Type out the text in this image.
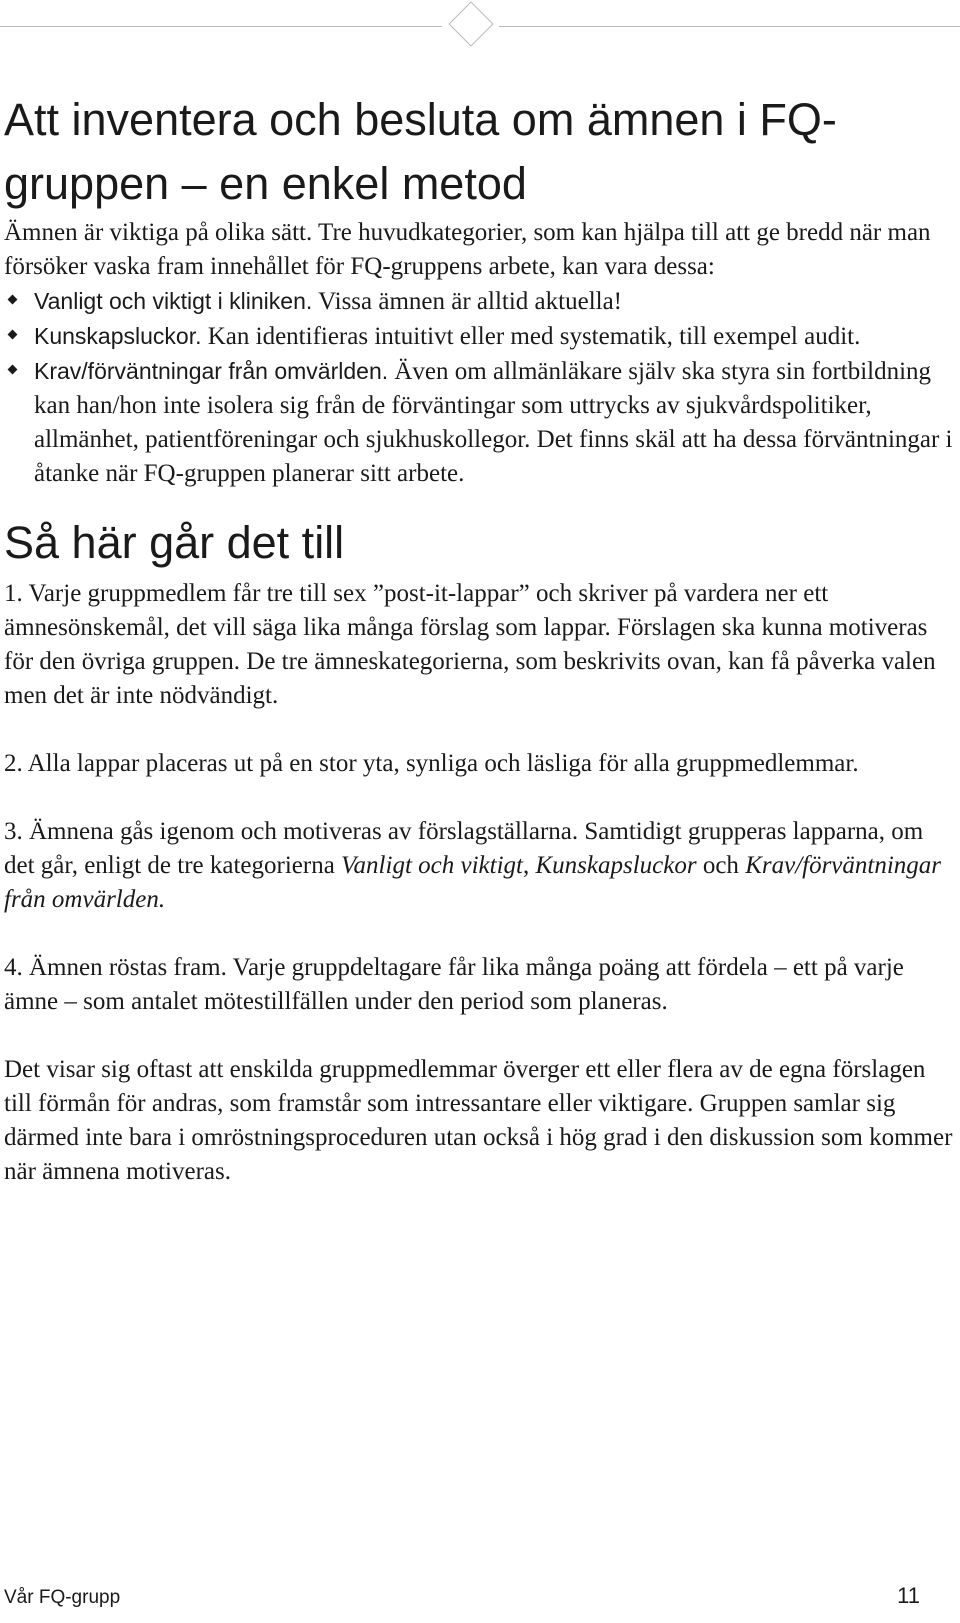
Att inventera och besluta om ämnen i FQ-gruppen – en enkel metod

Ämnen är viktiga på olika sätt. Tre huvudkategorier, som kan hjälpa till att ge bredd när man försöker vaska fram innehållet för FQ-gruppens arbete, kan vara dessa:

Vanligt och viktigt i kliniken. Vissa ämnen är alltid aktuella!
Kunskapsluckor. Kan identifieras intuitivt eller med systematik, till exempel audit.
Krav/förväntningar från omvärlden. Även om allmänläkare själv ska styra sin fortbildning kan han/hon inte isolera sig från de förväntingar som uttrycks av sjukvårdspolitiker, allmänhet, patientföreningar och sjukhuskollegor. Det finns skäl att ha dessa förväntningar i åtanke när FQ-gruppen planerar sitt arbete.
Så här går det till

1. Varje gruppmedlem får tre till sex ”post-it-lappar” och skriver på vardera ner ett ämnesönskemål, det vill säga lika många förslag som lappar. Förslagen ska kunna motiveras för den övriga gruppen. De tre ämneskategorierna, som beskrivits ovan, kan få påverka valen men det är inte nödvändigt.

2. Alla lappar placeras ut på en stor yta, synliga och läsliga för alla gruppmedlemmar.

3. Ämnena gås igenom och motiveras av förslagställarna. Samtidigt grupperas lapparna, om det går, enligt de tre kategorierna Vanligt och viktigt, Kunskapsluckor och Krav/förväntningar från omvärlden.

4. Ämnen röstas fram. Varje gruppdeltagare får lika många poäng att fördela – ett på varje ämne – som antalet mötestillfällen under den period som planeras.

Det visar sig oftast att enskilda gruppmedlemmar överger ett eller flera av de egna förslagen till förmån för andras, som framstår som intressantare eller viktigare. Gruppen samlar sig därmed inte bara i omröstningsproceduren utan också i hög grad i den diskussion som kommer när ämnena motiveras.

Vår FQ-grupp	11
